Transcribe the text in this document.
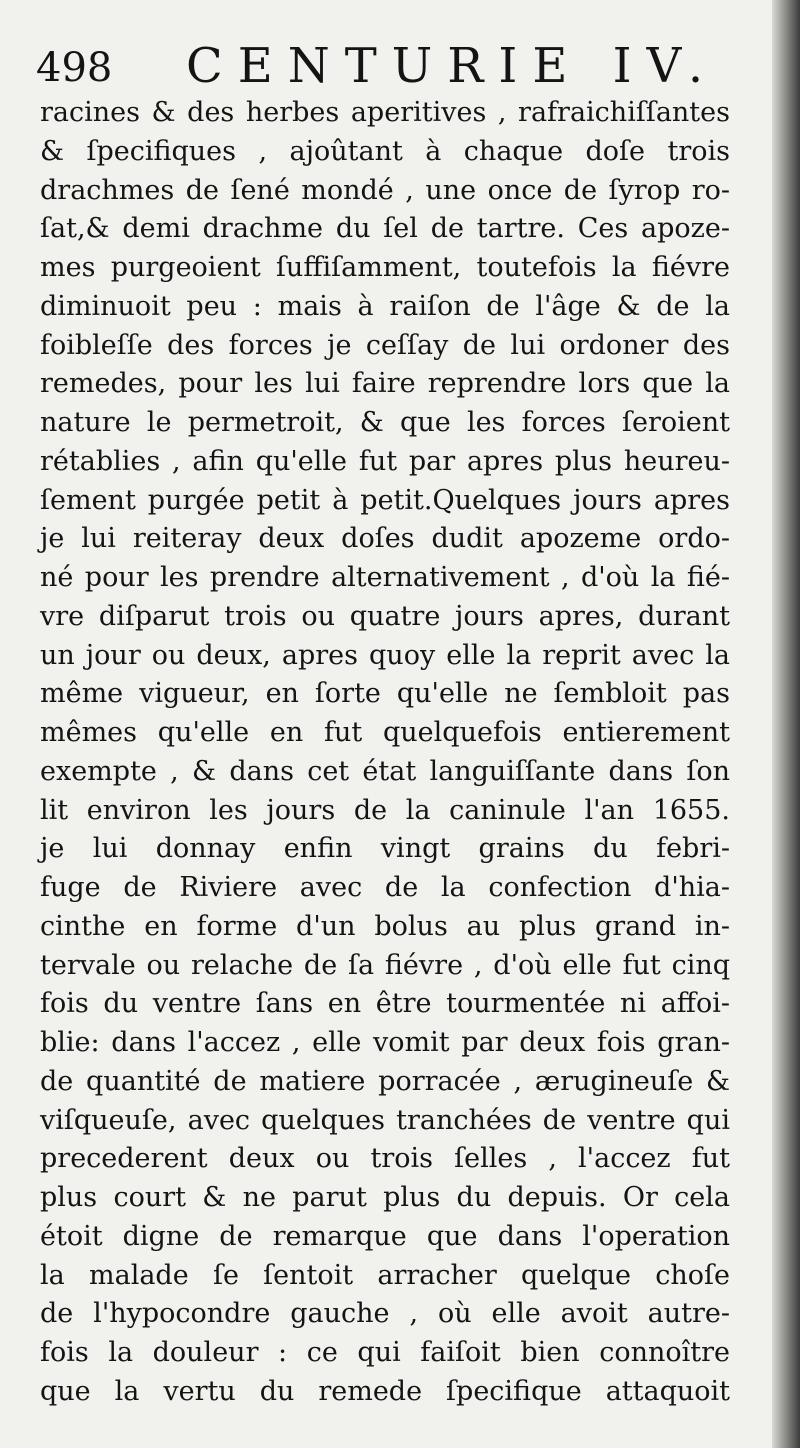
498 CENTURIE IV.
racines & des herbes aperitives , rafraichiſſantes
& ſpecifiques , ajoûtant à chaque doſe trois
drachmes de ſené mondé , une once de ſyrop ro-
ſat,& demi drachme du ſel de tartre. Ces apoze-
mes purgeoient ſuffiſamment, toutefois la fiévre
diminuoit peu : mais à raiſon de l'âge & de la
foibleſſe des forces je ceſſay de lui ordoner des
remedes, pour les lui faire reprendre lors que la
nature le permetroit, & que les forces ſeroient
rétablies , afin qu'elle fut par apres plus heureu-
ſement purgée petit à petit.Quelques jours apres
je lui reiteray deux doſes dudit apozeme ordo-
né pour les prendre alternativement , d'où la fié-
vre diſparut trois ou quatre jours apres, durant
un jour ou deux, apres quoy elle la reprit avec la
même vigueur, en ſorte qu'elle ne ſembloit pas
mêmes qu'elle en fut quelquefois entierement
exempte , & dans cet état languiſſante dans ſon
lit environ les jours de la caninule l'an 1655.
je lui donnay enfin vingt grains du febri-
fuge de Riviere avec de la confection d'hia-
cinthe en forme d'un bolus au plus grand in-
tervale ou relache de ſa fiévre , d'où elle fut cinq
fois du ventre ſans en être tourmentée ni affoi-
blie: dans l'accez , elle vomit par deux fois gran-
de quantité de matiere porracée , ærugineuſe &
viſqueuſe, avec quelques tranchées de ventre qui
precederent deux ou trois ſelles , l'accez fut
plus court & ne parut plus du depuis. Or cela
étoit digne de remarque que dans l'operation
la malade ſe ſentoit arracher quelque choſe
de l'hypocondre gauche , où elle avoit autre-
fois la douleur : ce qui faiſoit bien connoître
que la vertu du remede ſpecifique attaquoit
